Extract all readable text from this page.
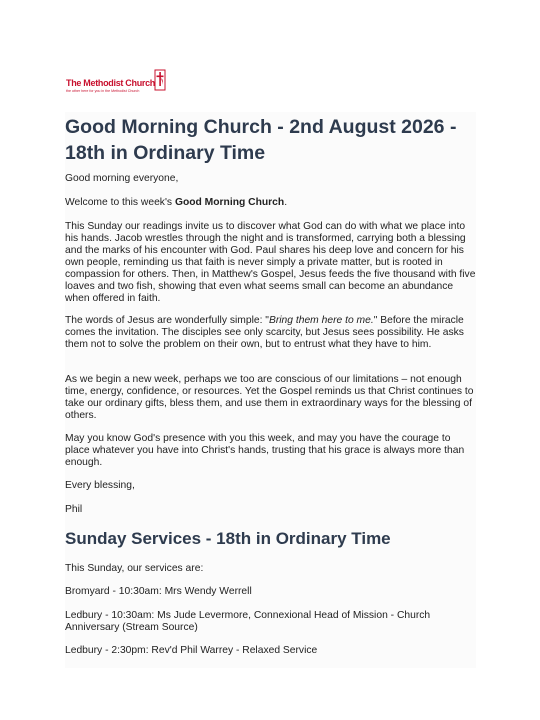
The Methodist Church
the other here for you in the Methodist Church
Good Morning Church - 2nd August 2026 - 18th in Ordinary Time

Good morning everyone,

Welcome to this week's Good Morning Church.

This Sunday our readings invite us to discover what God can do with what we place into his hands. Jacob wrestles through the night and is transformed, carrying both a blessing and the marks of his encounter with God. Paul shares his deep love and concern for his own people, reminding us that faith is never simply a private matter, but is rooted in compassion for others. Then, in Matthew's Gospel, Jesus feeds the five thousand with five loaves and two fish, showing that even what seems small can become an abundance when offered in faith.

The words of Jesus are wonderfully simple: "Bring them here to me." Before the miracle comes the invitation. The disciples see only scarcity, but Jesus sees possibility. He asks them not to solve the problem on their own, but to entrust what they have to him.

As we begin a new week, perhaps we too are conscious of our limitations – not enough time, energy, confidence, or resources. Yet the Gospel reminds us that Christ continues to take our ordinary gifts, bless them, and use them in extraordinary ways for the blessing of others.

May you know God's presence with you this week, and may you have the courage to place whatever you have into Christ's hands, trusting that his grace is always more than enough.

Every blessing,

Phil

Sunday Services - 18th in Ordinary Time

This Sunday, our services are:

Bromyard - 10:30am: Mrs Wendy Werrell

Ledbury - 10:30am: Ms Jude Levermore, Connexional Head of Mission - Church Anniversary (Stream Source)

Ledbury - 2:30pm: Rev'd Phil Warrey - Relaxed Service
